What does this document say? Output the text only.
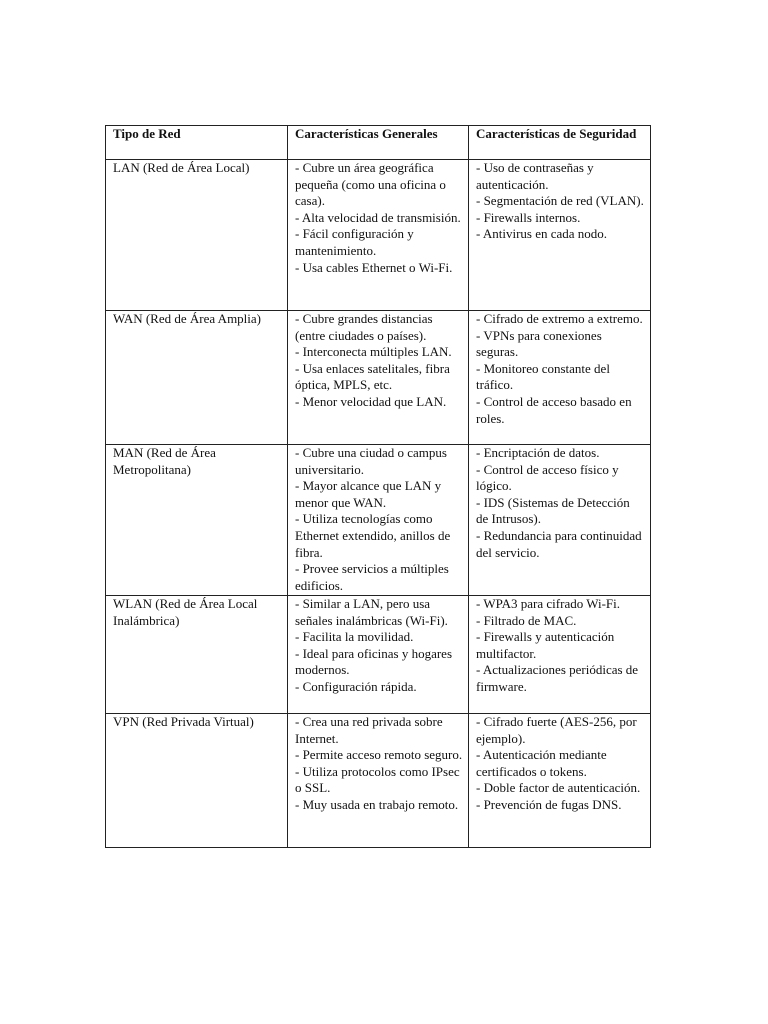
Tipo de Red	Características Generales	Características de Seguridad
LAN (Red de Área Local)	- Cubre un área geográfica pequeña (como una oficina o casa).
- Alta velocidad de transmisión.
- Fácil configuración y mantenimiento.
- Usa cables Ethernet o Wi-Fi.	- Uso de contraseñas y autenticación.
- Segmentación de red (VLAN).
- Firewalls internos.
- Antivirus en cada nodo.

WAN (Red de Área Amplia)	- Cubre grandes distancias (entre ciudades o países).
- Interconecta múltiples LAN.
- Usa enlaces satelitales, fibra óptica, MPLS, etc.
- Menor velocidad que LAN.	- Cifrado de extremo a extremo.
- VPNs para conexiones seguras.
- Monitoreo constante del tráfico.
- Control de acceso basado en roles.

MAN (Red de Área Metropolitana)	- Cubre una ciudad o campus universitario.
- Mayor alcance que LAN y menor que WAN.
- Utiliza tecnologías como Ethernet extendido, anillos de fibra.
- Provee servicios a múltiples edificios.	- Encriptación de datos.
- Control de acceso físico y lógico.
- IDS (Sistemas de Detección de Intrusos).
- Redundancia para continuidad del servicio.

WLAN (Red de Área Local Inalámbrica)	- Similar a LAN, pero usa señales inalámbricas (Wi-Fi).
- Facilita la movilidad.
- Ideal para oficinas y hogares modernos.
- Configuración rápida.	- WPA3 para cifrado Wi-Fi.
- Filtrado de MAC.
- Firewalls y autenticación multifactor.
- Actualizaciones periódicas de firmware.

VPN (Red Privada Virtual)	- Crea una red privada sobre Internet.
- Permite acceso remoto seguro.
- Utiliza protocolos como IPsec o SSL.
- Muy usada en trabajo remoto.	- Cifrado fuerte (AES-256, por ejemplo).
- Autenticación mediante certificados o tokens.
- Doble factor de autenticación.
- Prevención de fugas DNS.
